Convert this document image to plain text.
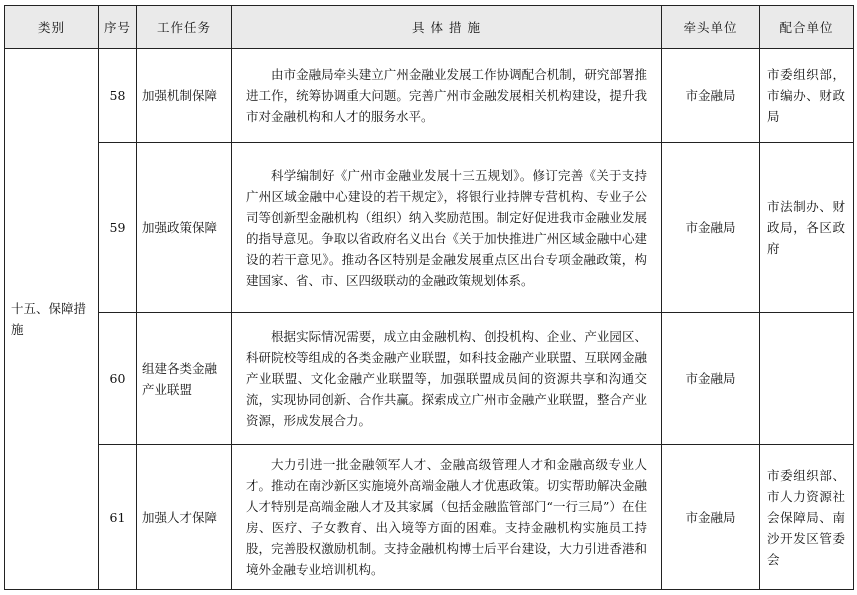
类别	序号	工作任务	具 体 措 施	牵头单位	配合单位
十五、保障措施	58	加强机制保障	由市金融局牵头建立广州金融业发展工作协调配合机制，研究部署推进工作，统筹协调重大问题。完善广州市金融发展相关机构建设，提升我市对金融机构和人才的服务水平。	市金融局	市委组织部，市编办、财政局
	59	加强政策保障	科学编制好《广州市金融业发展十三五规划》。修订完善《关于支持广州区域金融中心建设的若干规定》，将银行业持牌专营机构、专业子公司等创新型金融机构（组织）纳入奖励范围。制定好促进我市金融业发展的指导意见。争取以省政府名义出台《关于加快推进广州区域金融中心建设的若干意见》。推动各区特别是金融发展重点区出台专项金融政策，构建国家、省、市、区四级联动的金融政策规划体系。	市金融局	市法制办、财政局，各区政府
	60	组建各类金融产业联盟	根据实际情况需要，成立由金融机构、创投机构、企业、产业园区、科研院校等组成的各类金融产业联盟，如科技金融产业联盟、互联网金融产业联盟、文化金融产业联盟等，加强联盟成员间的资源共享和沟通交流，实现协同创新、合作共赢。探索成立广州市金融产业联盟，整合产业资源，形成发展合力。	市金融局	
	61	加强人才保障	大力引进一批金融领军人才、金融高级管理人才和金融高级专业人才。推动在南沙新区实施境外高端金融人才优惠政策。切实帮助解决金融人才特别是高端金融人才及其家属（包括金融监管部门“一行三局”）在住房、医疗、子女教育、出入境等方面的困难。支持金融机构实施员工持股，完善股权激励机制。支持金融机构博士后平台建设，大力引进香港和境外金融专业培训机构。	市金融局	市委组织部、市人力资源社会保障局、南沙开发区管委会
